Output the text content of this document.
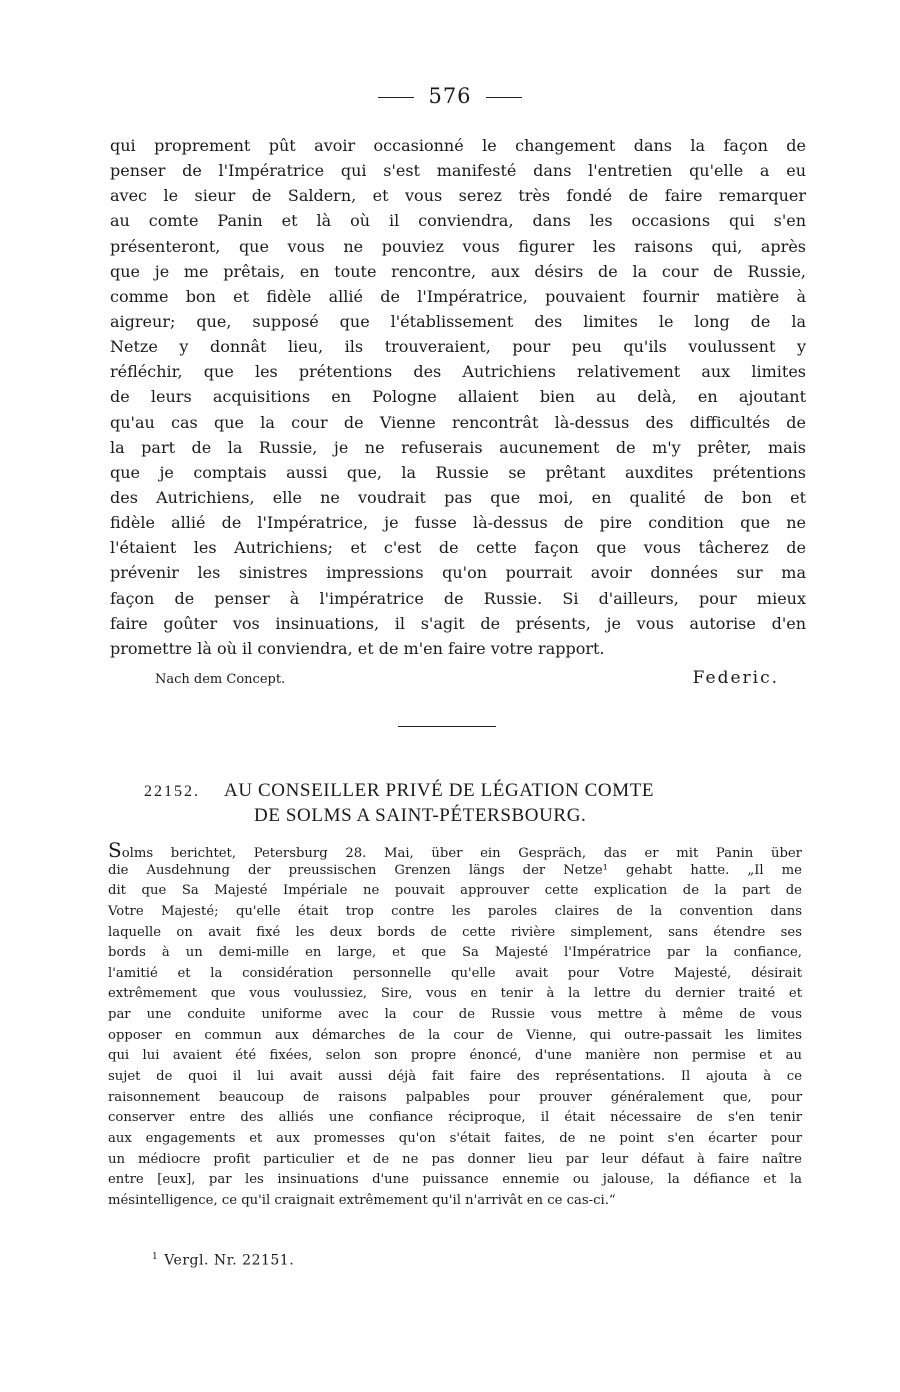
576
qui proprement pût avoir occasionné le changement dans la façon de
penser de l'Impératrice qui s'est manifesté dans l'entretien qu'elle a eu
avec le sieur de Saldern, et vous serez très fondé de faire remarquer
au comte Panin et là où il conviendra, dans les occasions qui s'en
présenteront, que vous ne pouviez vous figurer les raisons qui, après
que je me prêtais, en toute rencontre, aux désirs de la cour de Russie,
comme bon et fidèle allié de l'Impératrice, pouvaient fournir matière à
aigreur; que, supposé que l'établissement des limites le long de la
Netze y donnât lieu, ils trouveraient, pour peu qu'ils voulussent y
réfléchir, que les prétentions des Autrichiens relativement aux limites
de leurs acquisitions en Pologne allaient bien au delà, en ajoutant
qu'au cas que la cour de Vienne rencontrât là-dessus des difficultés de
la part de la Russie, je ne refuserais aucunement de m'y prêter, mais
que je comptais aussi que, la Russie se prêtant auxdites prétentions
des Autrichiens, elle ne voudrait pas que moi, en qualité de bon et
fidèle allié de l'Impératrice, je fusse là-dessus de pire condition que ne
l'étaient les Autrichiens; et c'est de cette façon que vous tâcherez de
prévenir les sinistres impressions qu'on pourrait avoir données sur ma
façon de penser à l'impératrice de Russie. Si d'ailleurs, pour mieux
faire goûter vos insinuations, il s'agit de présents, je vous autorise d'en
promettre là où il conviendra, et de m'en faire votre rapport.
Nach dem Concept.	Federic.
22152. AU CONSEILLER PRIVÉ DE LÉGATION COMTE
DE SOLMS A SAINT-PÉTERSBOURG.
Solms berichtet, Petersburg 28. Mai, über ein Gespräch, das er mit Panin über
die Ausdehnung der preussischen Grenzen längs der Netze¹ gehabt hatte. „Il me
dit que Sa Majesté Impériale ne pouvait approuver cette explication de la part de
Votre Majesté; qu'elle était trop contre les paroles claires de la convention dans
laquelle on avait fixé les deux bords de cette rivière simplement, sans étendre ses
bords à un demi-mille en large, et que Sa Majesté l'Impératrice par la confiance,
l'amitié et la considération personnelle qu'elle avait pour Votre Majesté, désirait
extrêmement que vous voulussiez, Sire, vous en tenir à la lettre du dernier traité et
par une conduite uniforme avec la cour de Russie vous mettre à même de vous
opposer en commun aux démarches de la cour de Vienne, qui outre-passait les limites
qui lui avaient été fixées, selon son propre énoncé, d'une manière non permise et au
sujet de quoi il lui avait aussi déjà fait faire des représentations. Il ajouta à ce
raisonnement beaucoup de raisons palpables pour prouver généralement que, pour
conserver entre des alliés une confiance réciproque, il était nécessaire de s'en tenir
aux engagements et aux promesses qu'on s'était faites, de ne point s'en écarter pour
un médiocre profit particulier et de ne pas donner lieu par leur défaut à faire naître
entre [eux], par les insinuations d'une puissance ennemie ou jalouse, la défiance et la
mésintelligence, ce qu'il craignait extrêmement qu'il n'arrivât en ce cas-ci.“
$^1$ Vergl. Nr. 22151.
